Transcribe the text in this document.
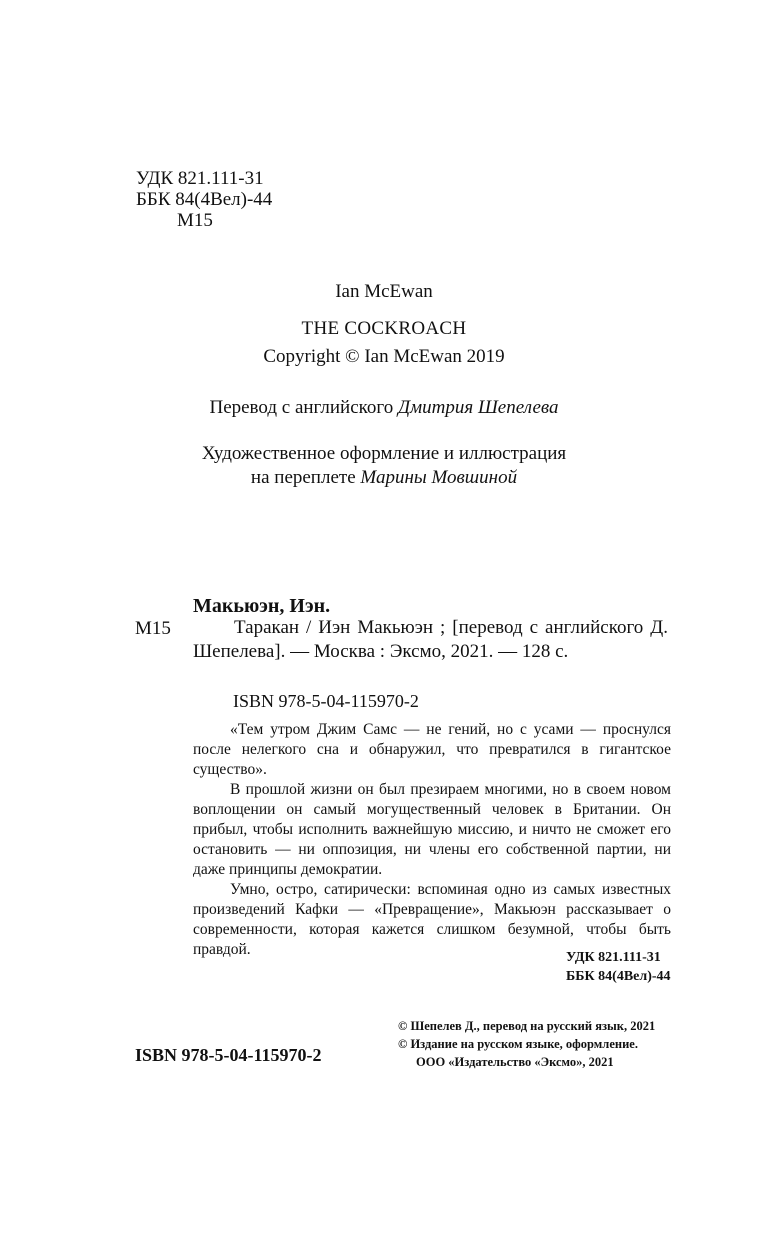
УДК 821.111-31
ББК 84(4Вел)-44
М15
Ian McEwan
THE COCKROACH
Copyright © Ian McEwan 2019
Перевод с английского Дмитрия Шепелева
Художественное оформление и иллюстрация
на переплете Марины Мовшиной
Макьюэн, Иэн.
М15	Таракан / Иэн Макьюэн ; [перевод с английского Д. Шепелева]. — Москва : Эксмо, 2021. — 128 с.
ISBN 978-5-04-115970-2

«Тем утром Джим Самс — не гений, но с усами — проснулся после нелегкого сна и обнаружил, что превратился в гигантское существо».

В прошлой жизни он был презираем многими, но в своем новом воплощении он самый могущественный человек в Британии. Он прибыл, чтобы исполнить важнейшую миссию, и ничто не сможет его остановить — ни оппозиция, ни члены его собственной партии, ни даже принципы демократии.

Умно, остро, сатирически: вспоминая одно из самых известных произведений Кафки — «Превращение», Макьюэн рассказывает о современности, которая кажется слишком безумной, чтобы быть правдой.	УДК 821.111-31
ББК 84(4Вел)-44
© Шепелев Д., перевод на русский язык, 2021
© Издание на русском языке, оформление.
ООО «Издательство «Эксмо», 2021
ISBN 978-5-04-115970-2
